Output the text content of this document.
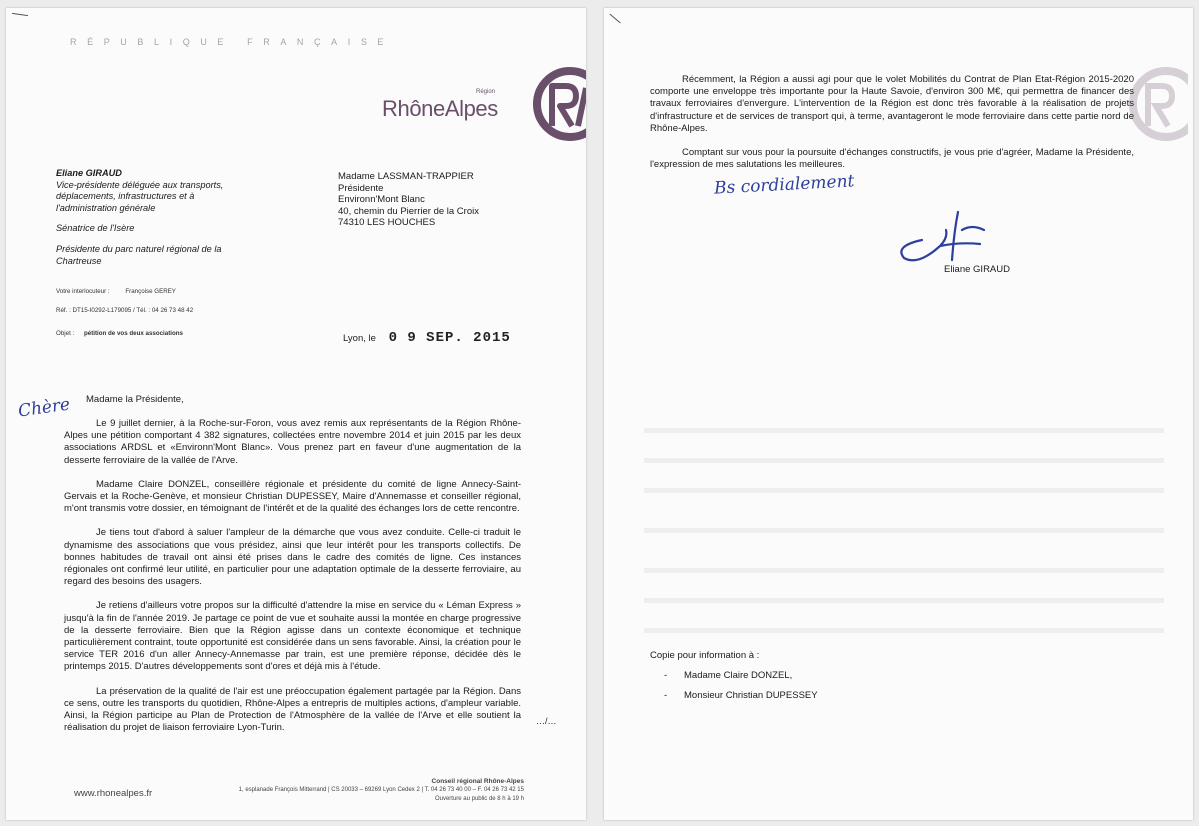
RÉPUBLIQUE FRANÇAISE
Région
RhôneAlpes
Eliane GIRAUD
Vice-présidente déléguée aux transports, déplacements, infrastructures et à l'administration générale
Sénatrice de l'Isère
Présidente du parc naturel régional de la Chartreuse
Votre interlocuteur :	Françoise GEREY
Réf. : DT15-I0292-L179095 / Tél. : 04 26 73 48 42
Objet : pétition de vos deux associations
Madame LASSMAN-TRAPPIER
Présidente
Environn'Mont Blanc
40, chemin du Pierrier de la Croix
74310 LES HOUCHES
Lyon, le 0 9 SEP. 2015
Chère Madame la Présidente,

Le 9 juillet dernier, à la Roche-sur-Foron, vous avez remis aux représentants de la Région Rhône-Alpes une pétition comportant 4 382 signatures, collectées entre novembre 2014 et juin 2015 par les deux associations ARDSL et «Environn'Mont Blanc». Vous prenez part en faveur d'une augmentation de la desserte ferroviaire de la vallée de l'Arve.

Madame Claire DONZEL, conseillère régionale et présidente du comité de ligne Annecy-Saint-Gervais et la Roche-Genève, et monsieur Christian DUPESSEY, Maire d'Annemasse et conseiller régional, m'ont transmis votre dossier, en témoignant de l'intérêt et de la qualité des échanges lors de cette rencontre.

Je tiens tout d'abord à saluer l'ampleur de la démarche que vous avez conduite. Celle-ci traduit le dynamisme des associations que vous présidez, ainsi que leur intérêt pour les transports collectifs. De bonnes habitudes de travail ont ainsi été prises dans le cadre des comités de ligne. Ces instances régionales ont confirmé leur utilité, en particulier pour une adaptation optimale de la desserte ferroviaire, au regard des besoins des usagers.

Je retiens d'ailleurs votre propos sur la difficulté d'attendre la mise en service du « Léman Express » jusqu'à la fin de l'année 2019. Je partage ce point de vue et souhaite aussi la montée en charge progressive de la desserte ferroviaire. Bien que la Région agisse dans un contexte économique et technique particulièrement contraint, toute opportunité est considérée dans un sens favorable. Ainsi, la création pour le service TER 2016 d'un aller Annecy-Annemasse par train, est une première réponse, décidée dès le printemps 2015. D'autres développements sont d'ores et déjà mis à l'étude.

La préservation de la qualité de l'air est une préoccupation également partagée par la Région. Dans ce sens, outre les transports du quotidien, Rhône-Alpes a entrepris de multiples actions, d'ampleur variable. Ainsi, la Région participe au Plan de Protection de l'Atmosphère de la vallée de l'Arve et elle soutient la réalisation du projet de liaison ferroviaire Lyon-Turin.

…/…
www.rhonealpes.fr
Conseil régional Rhône-Alpes
1, esplanade François Mitterrand | CS 20033 – 69269 Lyon Cedex 2 | T. 04 26 73 40 00 – F. 04 26 73 42 15
Ouverture au public de 8 h à 19 h

Récemment, la Région a aussi agi pour que le volet Mobilités du Contrat de Plan Etat-Région 2015-2020 comporte une enveloppe très importante pour la Haute Savoie, d'environ 300 M€, qui permettra de financer des travaux ferroviaires d'envergure. L'intervention de la Région est donc très favorable à la réalisation de projets d'infrastructure et de services de transport qui, à terme, avantageront le mode ferroviaire dans cette partie nord de Rhône-Alpes.

Comptant sur vous pour la poursuite d'échanges constructifs, je vous prie d'agréer, Madame la Présidente, l'expression de mes salutations les meilleures.

Bs cordialement
Eliane GIRAUD
Copie pour information à :
- Madame Claire DONZEL,
- Monsieur Christian DUPESSEY
